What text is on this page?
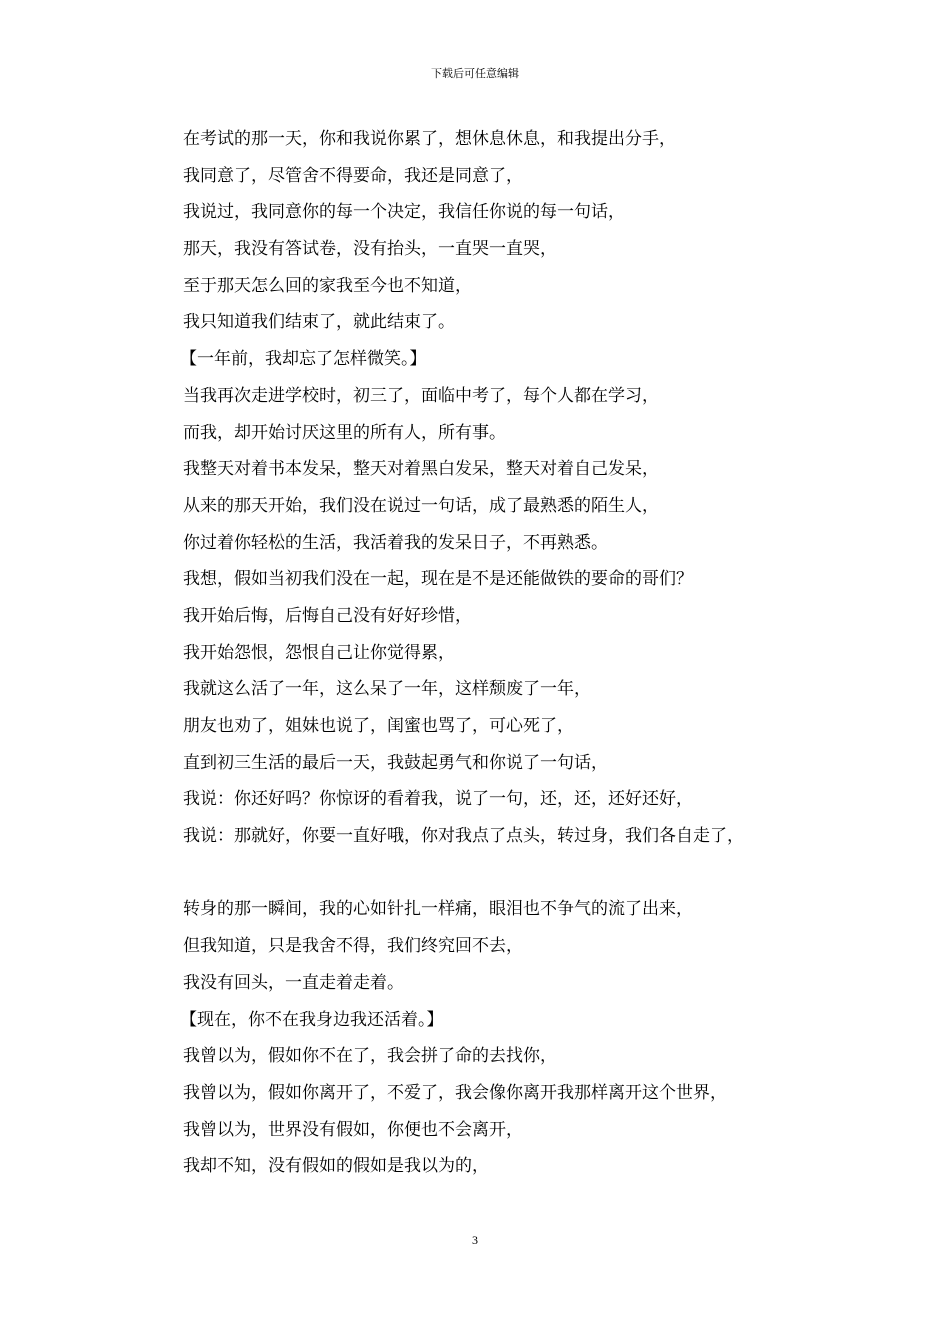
下载后可任意编辑
在考试的那一天，你和我说你累了，想休息休息，和我提出分手，
我同意了，尽管舍不得要命，我还是同意了，
我说过，我同意你的每一个决定，我信任你说的每一句话，
那天，我没有答试卷，没有抬头，一直哭一直哭，
至于那天怎么回的家我至今也不知道，
我只知道我们结束了，就此结束了。
【一年前，我却忘了怎样微笑。】
当我再次走进学校时，初三了，面临中考了，每个人都在学习，
而我，却开始讨厌这里的所有人，所有事。
我整天对着书本发呆，整天对着黑白发呆，整天对着自己发呆，
从来的那天开始，我们没在说过一句话，成了最熟悉的陌生人，
你过着你轻松的生活，我活着我的发呆日子，不再熟悉。
我想，假如当初我们没在一起，现在是不是还能做铁的要命的哥们？
我开始后悔，后悔自己没有好好珍惜，
我开始怨恨，怨恨自己让你觉得累，
我就这么活了一年，这么呆了一年，这样颓废了一年，
朋友也劝了，姐妹也说了，闺蜜也骂了，可心死了，
直到初三生活的最后一天，我鼓起勇气和你说了一句话，
我说：你还好吗？你惊讶的看着我，说了一句，还，还，还好还好，
我说：那就好，你要一直好哦，你对我点了点头，转过身，我们各自走了，
转身的那一瞬间，我的心如针扎一样痛，眼泪也不争气的流了出来，
但我知道，只是我舍不得，我们终究回不去，
我没有回头，一直走着走着。
【现在，你不在我身边我还活着。】
我曾以为，假如你不在了，我会拼了命的去找你，
我曾以为，假如你离开了，不爱了，我会像你离开我那样离开这个世界，
我曾以为，世界没有假如，你便也不会离开，
我却不知，没有假如的假如是我以为的，
3
